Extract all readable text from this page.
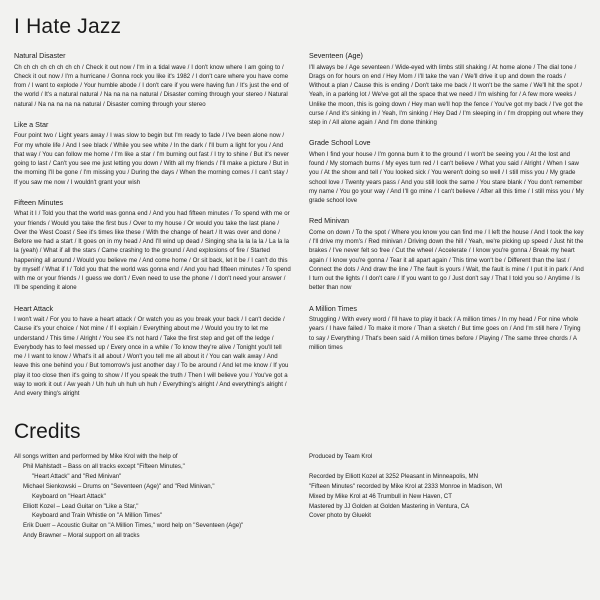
I Hate Jazz
Natural Disaster

Ch ch ch ch ch ch ch ch / Check it out now / I'm in a tidal wave / I don't know where I am going to / Check it out now / I'm a hurricane / Gonna rock you like it's 1982 / I don't care where you have come from / I want to explode / Your humble abode / I don't care if you were having fun / It's just the end of the world / It's a natural natural / Na na na na natural / Disaster coming through your stereo / Natural natural / Na na na na na natural / Disaster coming through your stereo

Like a Star

Four point two / Light years away / I was slow to begin but I'm ready to fade / I've been alone now / For my whole life / And I see black / While you see white / In the dark / I'll burn a light for you / And that way / You can follow me home / I'm like a star / I'm burning out fast / I try to shine / But it's never going to last / Can't you see me just letting you down / With all my friends / I'll make a picture / But in the morning I'll be gone / I'm missing you / During the days / When the morning comes / I can't stay / If you saw me now / I wouldn't grant your wish

Fifteen Minutes

What it I / Told you that the world was gonna end / And you had fifteen minutes / To spend with me or your friends / Would you take the first bus / Over to my house / Or would you take the last plane / Over the West Coast / See it's times like these / With the change of heart / It was over and done / Before we had a start / It goes on in my head / And I'll wind up dead / Singing sha la la la la / La la la la (yeah) / What if all the stars / Came crashing to the ground / And explosions of fire / Started happening all around / Would you believe me / And come home / Or sit back, let it be / I can't do this by myself / What if I / Told you that the world was gonna end / And you had fifteen minutes / To spend with me or your friends / I guess we don't / Even need to use the phone / I don't need your answer / I'll be spending it alone

Heart Attack

I won't wait / For you to have a heart attack / Or watch you as you break your back / I can't decide / Cause it's your choice / Not mine / If I explain / Everything about me / Would you try to let me understand / This time / Alright / You see it's not hard / Take the first step and get off the ledge / Everybody has to feel messed up / Every once in a while / To know they're alive / Tonight you'll tell me / I want to know / What's it all about / Won't you tell me all about it / You can walk away / And leave this one behind you / But tomorrow's just another day / To be around / And let me know / If you play it too close then it's going to show / If you speak the truth / Then I will believe you / You've got a way to work it out / Aw yeah / Uh huh uh huh uh huh / Everything's alright / And everything's alright / And every thing's alright

Seventeen (Age)

I'll always be / Age seventeen / Wide-eyed with limbs still shaking / At home alone / The dial tone / Drags on for hours on end / Hey Mom / I'll take the van / We'll drive it up and down the roads / Without a plan / Cause this is ending / Don't take me back / It won't be the same / We'll hit the spot / Yeah, in a parking lot / We've got all the space that we need / I'm wishing for / A few more weeks / Unlike the moon, this is going down / Hey man we'll hop the fence / You've got my back / I've got the curse / And it's sinking in / Yeah, I'm sinking / Hey Dad / I'm sleeping in / I'm dropping out where they step in / All alone again / And I'm done thinking

Grade School Love

When I find your house / I'm gonna burn it to the ground / I won't be seeing you / At the lost and found / My stomach burns / My eyes turn red / I can't believe / What you said / Alright / When I saw you / At the show and tell / You looked sick / You weren't doing so well / I still miss you / My grade school love / Twenty years pass / And you still look the same / You stare blank / You don't remember my name / You go your way / And I'll go mine / I can't believe / After all this time / I still miss you / My grade school love

Red Minivan

Come on down / To the spot / Where you know you can find me / I left the house / And I took the key / I'll drive my mom's / Red minivan / Driving down the hill / Yeah, we're picking up speed / Just hit the brakes / I've never felt so free / Cut the wheel / Accelerate / I know you're gonna / Break my heart again / I know you're gonna / Tear it all apart again / This time won't be / Different than the last / Connect the dots / And draw the line / The fault is yours / Wait, the fault is mine / I put it in park / And I turn out the lights / I don't care / If you want to go / Just don't say / That I told you so / Anytime / Is better than now

A Million Times

Struggling / With every word / I'll have to play it back / A million times / In my head / For nine whole years / I have failed / To make it more / Than a sketch / But time goes on / And I'm still here / Trying to say / Everything / That's been said / A million times before / Playing / The same three chords / A million times

Credits

All songs written and performed by Mike Krol with the help of

Phil Mahlstadt – Bass on all tracks except "Fifteen Minutes,"

"Heart Attack" and "Red Minivan"

Michael Sienkowski – Drums on "Seventeen (Age)" and "Red Minivan,"

Keyboard on "Heart Attack"

Elliott Kozel – Lead Guitar on "Like a Star,"

Keyboard and Train Whistle on "A Million Times"

Erik Duerr – Acoustic Guitar on "A Million Times," word help on "Seventeen (Age)"

Andy Brawner – Moral support on all tracks

Produced by Team Krol

Recorded by Elliott Kozel at 3252 Pleasant in Minneapolis, MN

"Fifteen Minutes" recorded by Mike Krol at 2333 Monroe in Madison, WI

Mixed by Mike Krol at 46 Trumbull in New Haven, CT

Mastered by JJ Golden at Golden Mastering in Ventura, CA

Cover photo by Gluekit
